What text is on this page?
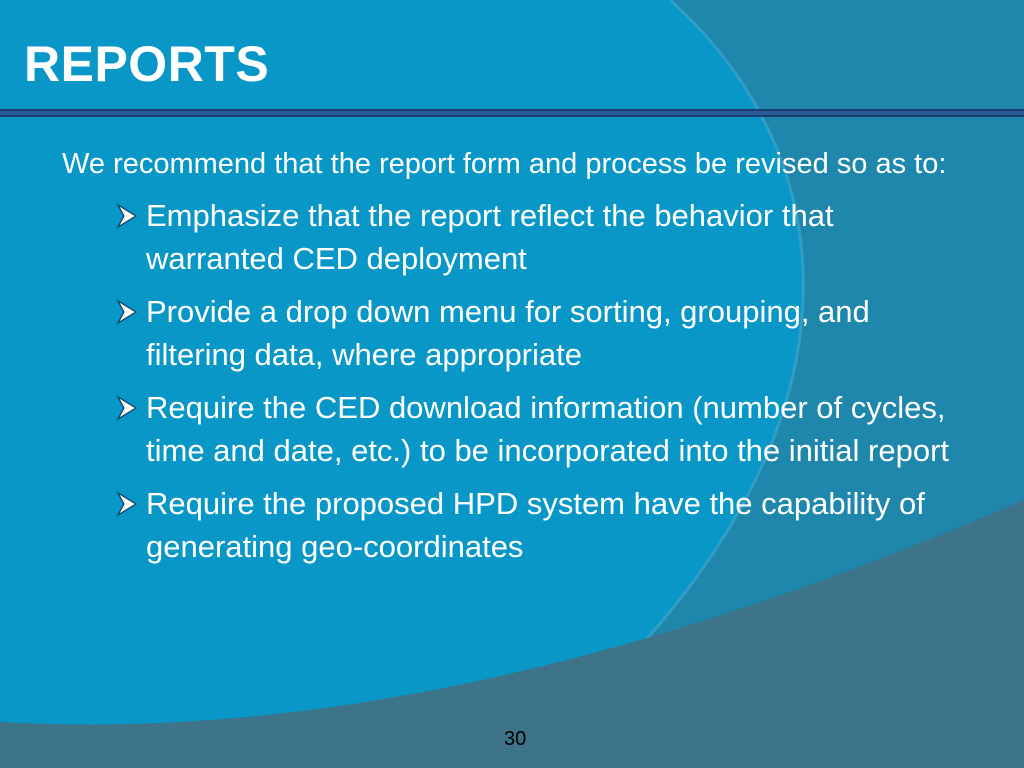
REPORTS

We recommend that the report form and process be revised so as to:

Emphasize that the report reflect the behavior that warranted CED deployment
Provide a drop down menu for sorting, grouping, and filtering data, where appropriate
Require the CED download information (number of cycles, time and date, etc.) to be incorporated into the initial report
Require the proposed HPD system have the capability of generating geo-coordinates
30
